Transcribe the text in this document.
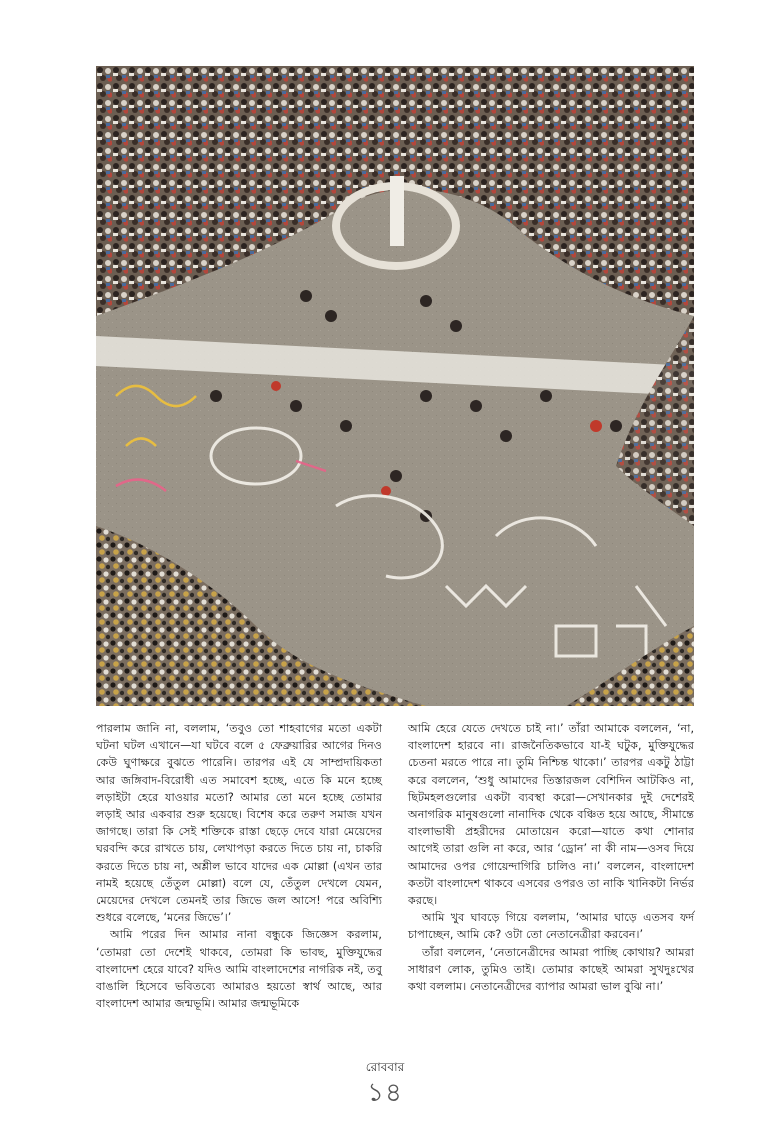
পারলাম জানি না, বললাম, ‘তবুও তো শাহবাগের মতো একটা ঘটনা ঘটল এখানে—যা ঘটবে বলে ৫ ফেব্রুয়ারির আগের দিনও কেউ ঘুণাক্ষরে বুঝতে পারেনি। তারপর এই যে সাম্প্রদায়িকতা আর জঙ্গিবাদ-বিরোধী এত সমাবেশ হচ্ছে, এতে কি মনে হচ্ছে লড়াইটা হেরে যাওয়ার মতো? আমার তো মনে হচ্ছে তোমার লড়াই আর একবার শুরু হয়েছে। বিশেষ করে তরুণ সমাজ যখন জাগছে। তারা কি সেই শক্তিকে রাস্তা ছেড়ে দেবে যারা মেয়েদের ঘরবন্দি করে রাখতে চায়, লেখাপড়া করতে দিতে চায় না, চাকরি করতে দিতে চায় না, অশ্লীল ভাবে যাদের এক মোল্লা (এখন তার নামই হয়েছে তেঁতুল মোল্লা) বলে যে, তেঁতুল দেখলে যেমন, মেয়েদের দেখলে তেমনই তার জিভে জল আসে! পরে অবিশ্যি শুধরে বলেছে, ‘মনের জিভে’।’

আমি পরের দিন আমার নানা বন্ধুকে জিজ্ঞেস করলাম, ‘তোমরা তো দেশেই থাকবে, তোমরা কি ভাবছ, মুক্তিযুদ্ধের বাংলাদেশ হেরে যাবে? যদিও আমি বাংলাদেশের নাগরিক নই, তবু বাঙালি হিসেবে ভবিতব্যে আমারও হয়তো স্বার্থ আছে, আর বাংলাদেশ আমার জন্মভূমি। আমার জন্মভূমিকে

আমি হেরে যেতে দেখতে চাই না।’ তাঁরা আমাকে বললেন, ‘না, বাংলাদেশ হারবে না। রাজনৈতিকভাবে যা-ই ঘটুক, মুক্তিযুদ্ধের চেতনা মরতে পারে না। তুমি নিশ্চিন্ত থাকো।’ তারপর একটু ঠাট্টা করে বললেন, ‘শুধু আমাদের তিস্তারজল বেশিদিন আটকিও না, ছিটমহলগুলোর একটা ব্যবস্থা করো—সেখানকার দুই দেশেরই অনাগরিক মানুষগুলো নানাদিক থেকে বঞ্চিত হয়ে আছে, সীমান্তে বাংলাভাষী প্রহরীদের মোতায়েন করো—যাতে কথা শোনার আগেই তারা গুলি না করে, আর ‘ড্রোন’ না কী নাম—ওসব দিয়ে আমাদের ওপর গোয়েন্দাগিরি চালিও না।’ বললেন, বাংলাদেশ কতটা বাংলাদেশ থাকবে এসবের ওপরও তা নাকি খানিকটা নির্ভর করছে।

আমি খুব ঘাবড়ে গিয়ে বললাম, ‘আমার ঘাড়ে এতসব ফর্দ চাপাচ্ছেন, আমি কে? ওটা তো নেতানেত্রীরা করবেন।’

তাঁরা বললেন, ‘নেতানেত্রীদের আমরা পাচ্ছি কোথায়? আমরা সাধারণ লোক, তুমিও তাই। তোমার কাছেই আমরা সুখদুঃখের কথা বললাম। নেতানেত্রীদের ব্যাপার আমরা ভাল বুঝি না।’

রোববার
১৪
